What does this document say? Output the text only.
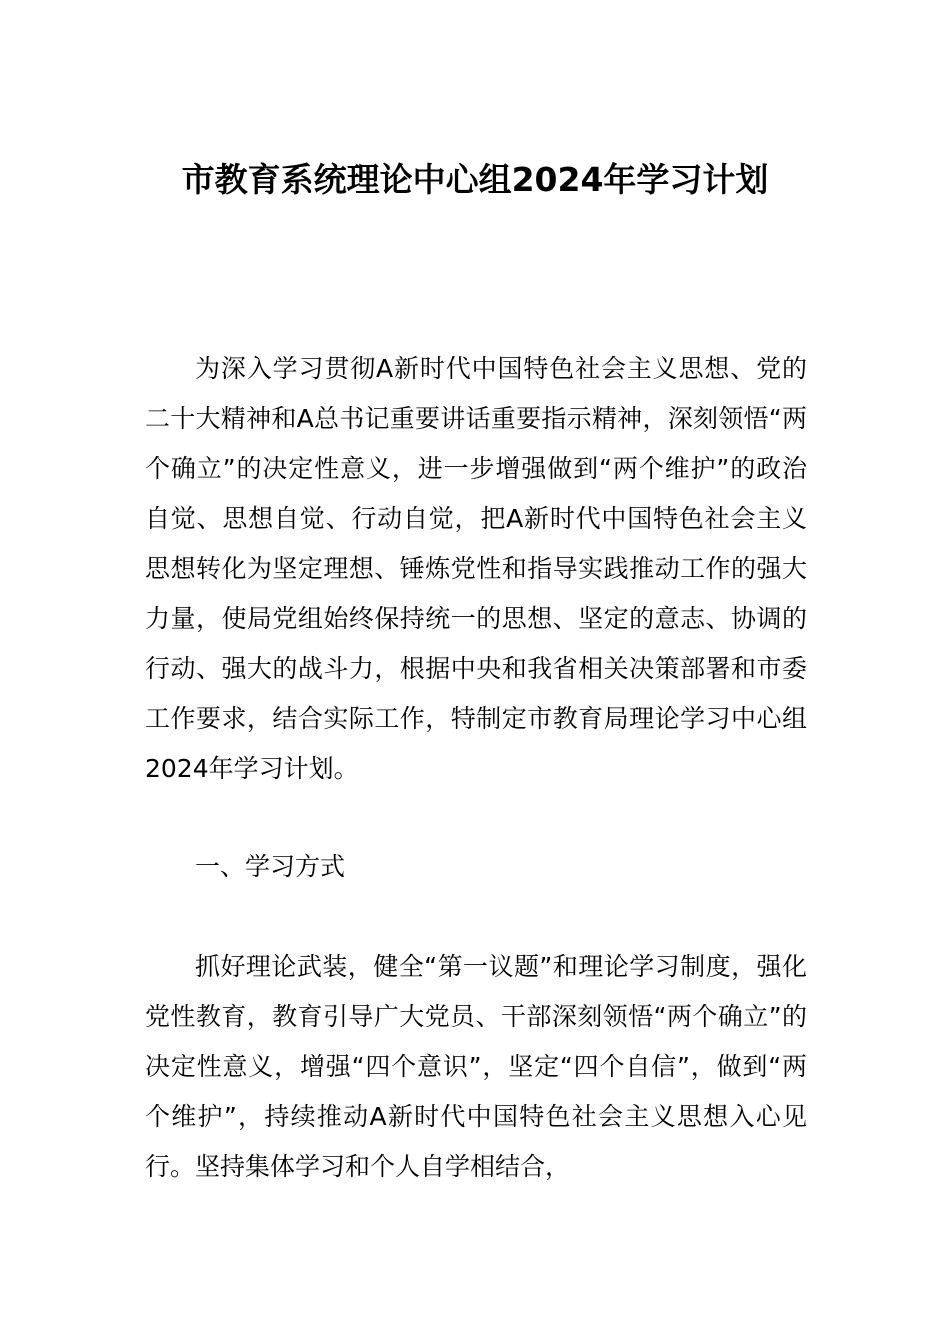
市教育系统理论中心组2024年学习计划

为深入学习贯彻A新时代中国特色社会主义思想、党的二十大精神和A总书记重要讲话重要指示精神，深刻领悟“两个确立”的决定性意义，进一步增强做到“两个维护”的政治自觉、思想自觉、行动自觉，把A新时代中国特色社会主义思想转化为坚定理想、锤炼党性和指导实践推动工作的强大力量，使局党组始终保持统一的思想、坚定的意志、协调的行动、强大的战斗力，根据中央和我省相关决策部署和市委工作要求，结合实际工作，特制定市教育局理论学习中心组2024年学习计划。

一、学习方式

抓好理论武装，健全“第一议题”和理论学习制度，强化党性教育，教育引导广大党员、干部深刻领悟“两个确立”的决定性意义，增强“四个意识”，坚定“四个自信”，做到“两个维护”，持续推动A新时代中国特色社会主义思想入心见行。坚持集体学习和个人自学相结合，
